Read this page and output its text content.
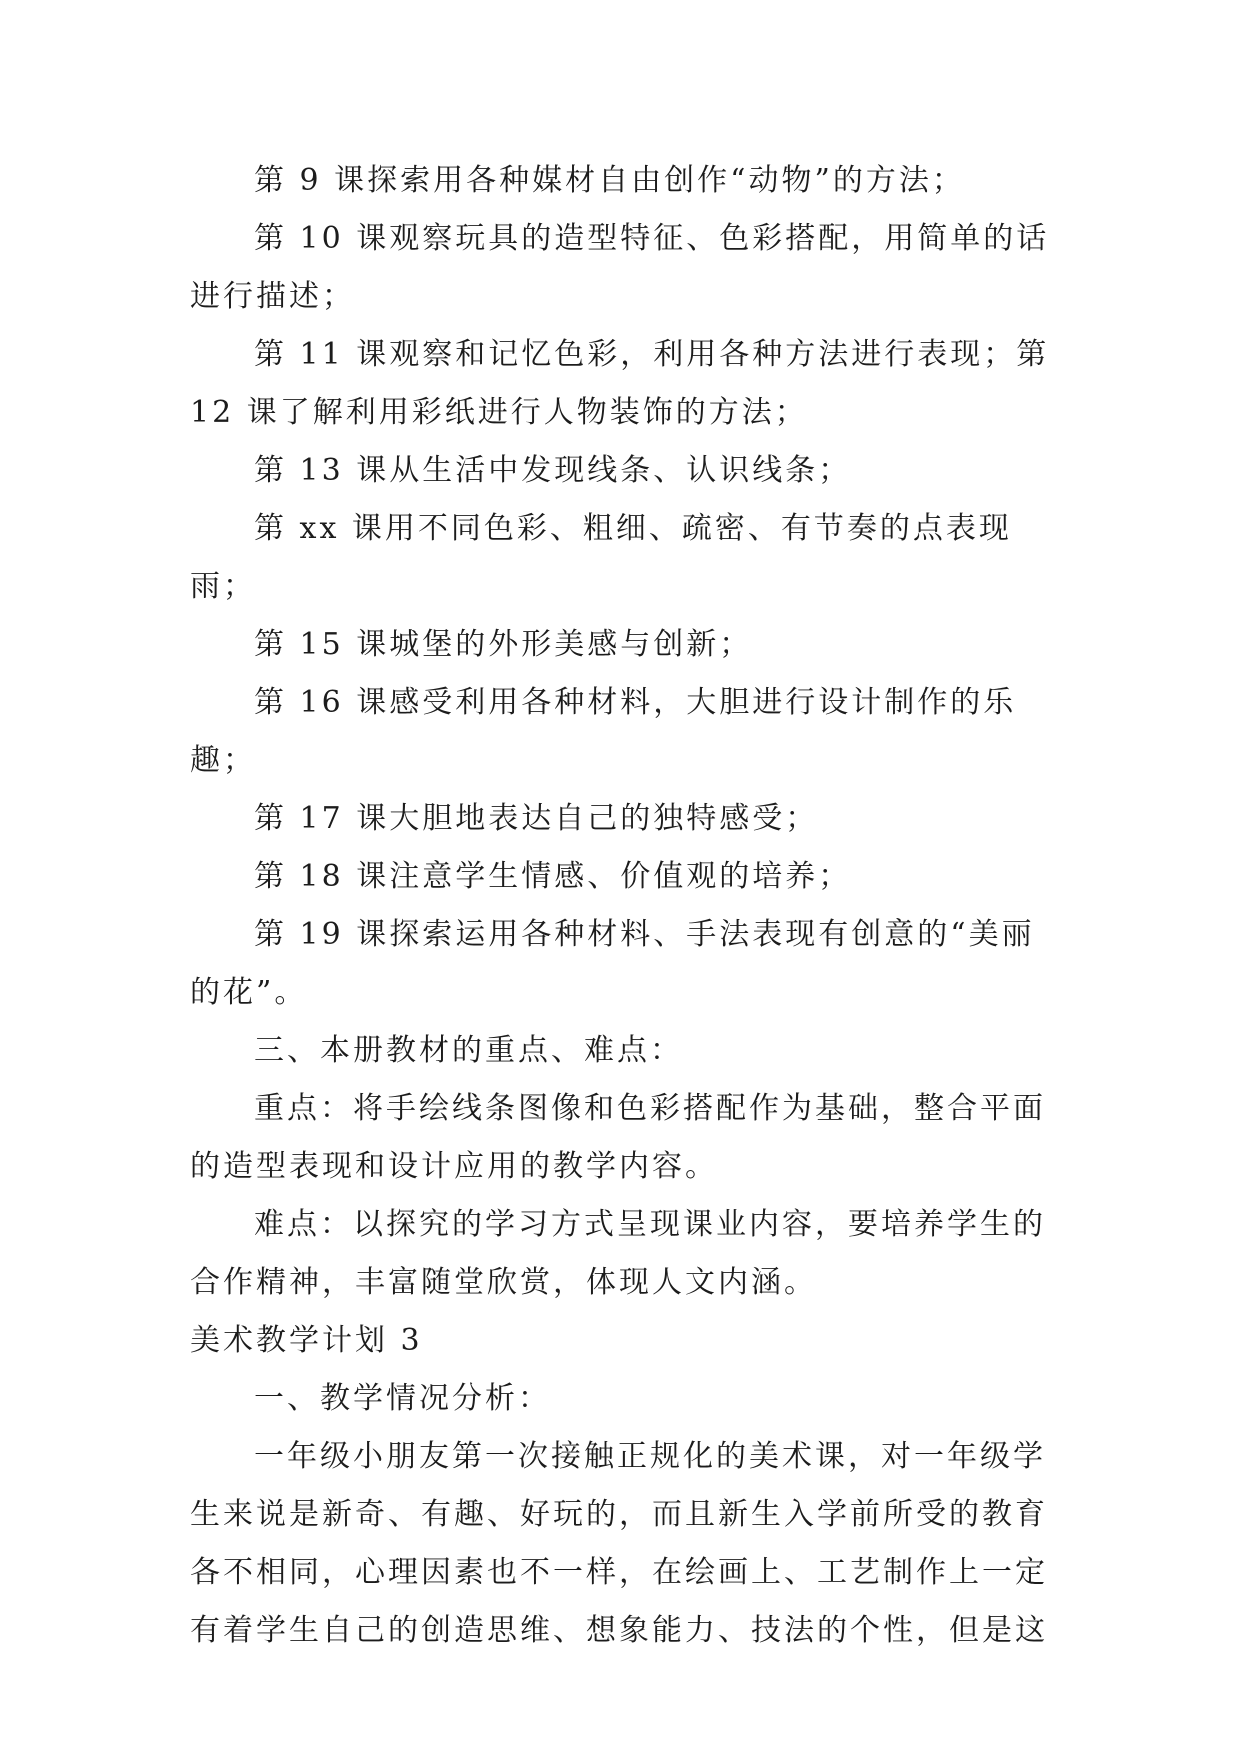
第 9 课探索用各种媒材自由创作“动物”的方法；

第 10 课观察玩具的造型特征、色彩搭配，用简单的话进行描述；

第 11 课观察和记忆色彩，利用各种方法进行表现；第 12 课了解利用彩纸进行人物装饰的方法；

第 13 课从生活中发现线条、认识线条；

第 xx 课用不同色彩、粗细、疏密、有节奏的点表现雨；

第 15 课城堡的外形美感与创新；

第 16 课感受利用各种材料，大胆进行设计制作的乐趣；

第 17 课大胆地表达自己的独特感受；

第 18 课注意学生情感、价值观的培养；

第 19 课探索运用各种材料、手法表现有创意的“美丽的花”。

三、本册教材的重点、难点：

重点：将手绘线条图像和色彩搭配作为基础，整合平面的造型表现和设计应用的教学内容。

难点：以探究的学习方式呈现课业内容，要培养学生的合作精神，丰富随堂欣赏，体现人文内涵。

美术教学计划 3

一、教学情况分析：

一年级小朋友第一次接触正规化的美术课，对一年级学生来说是新奇、有趣、好玩的，而且新生入学前所受的教育各不相同，心理因素也不一样，在绘画上、工艺制作上一定有着学生自己的创造思维、想象能力、技法的个性，但是这
